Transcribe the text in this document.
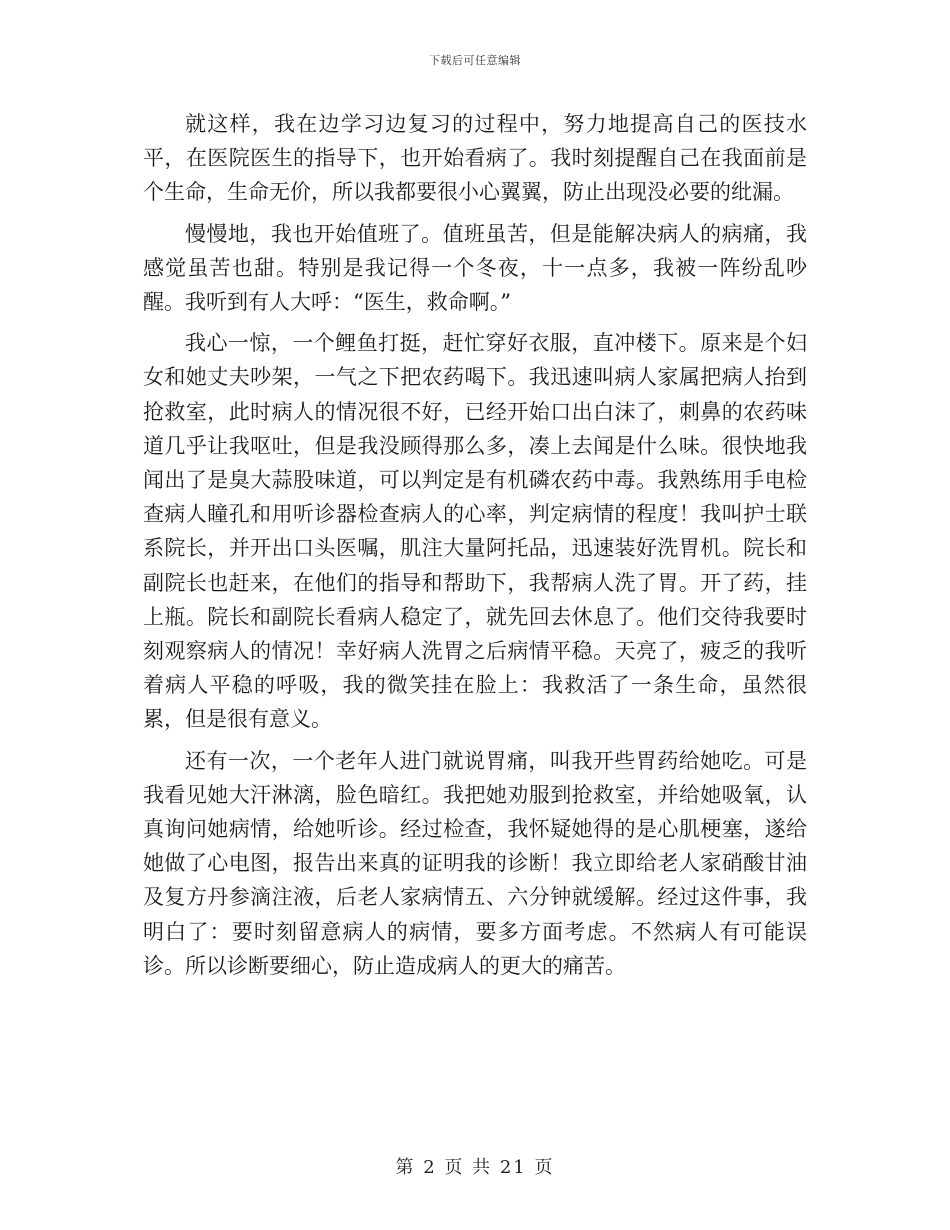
下载后可任意编辑

就这样，我在边学习边复习的过程中，努力地提高自己的医技水平，在医院医生的指导下，也开始看病了。我时刻提醒自己在我面前是个生命，生命无价，所以我都要很小心翼翼，防止出现没必要的纰漏。

慢慢地，我也开始值班了。值班虽苦，但是能解决病人的病痛，我感觉虽苦也甜。特别是我记得一个冬夜，十一点多，我被一阵纷乱吵醒。我听到有人大呼：“医生，救命啊。”

我心一惊，一个鲤鱼打挺，赶忙穿好衣服，直冲楼下。原来是个妇女和她丈夫吵架，一气之下把农药喝下。我迅速叫病人家属把病人抬到抢救室，此时病人的情况很不好，已经开始口出白沫了，刺鼻的农药味道几乎让我呕吐，但是我没顾得那么多，凑上去闻是什么味。很快地我闻出了是臭大蒜股味道，可以判定是有机磷农药中毒。我熟练用手电检查病人瞳孔和用听诊器检查病人的心率，判定病情的程度！我叫护士联系院长，并开出口头医嘱，肌注大量阿托品，迅速装好洗胃机。院长和副院长也赶来，在他们的指导和帮助下，我帮病人洗了胃。开了药，挂上瓶。院长和副院长看病人稳定了，就先回去休息了。他们交待我要时刻观察病人的情况！幸好病人洗胃之后病情平稳。天亮了，疲乏的我听着病人平稳的呼吸，我的微笑挂在脸上：我救活了一条生命，虽然很累，但是很有意义。

还有一次，一个老年人进门就说胃痛，叫我开些胃药给她吃。可是我看见她大汗淋漓，脸色暗红。我把她劝服到抢救室，并给她吸氧，认真询问她病情，给她听诊。经过检查，我怀疑她得的是心肌梗塞，遂给她做了心电图，报告出来真的证明我的诊断！我立即给老人家硝酸甘油及复方丹参滴注液，后老人家病情五、六分钟就缓解。经过这件事，我明白了：要时刻留意病人的病情，要多方面考虑。不然病人有可能误诊。所以诊断要细心，防止造成病人的更大的痛苦。

第 2 页 共 21 页
